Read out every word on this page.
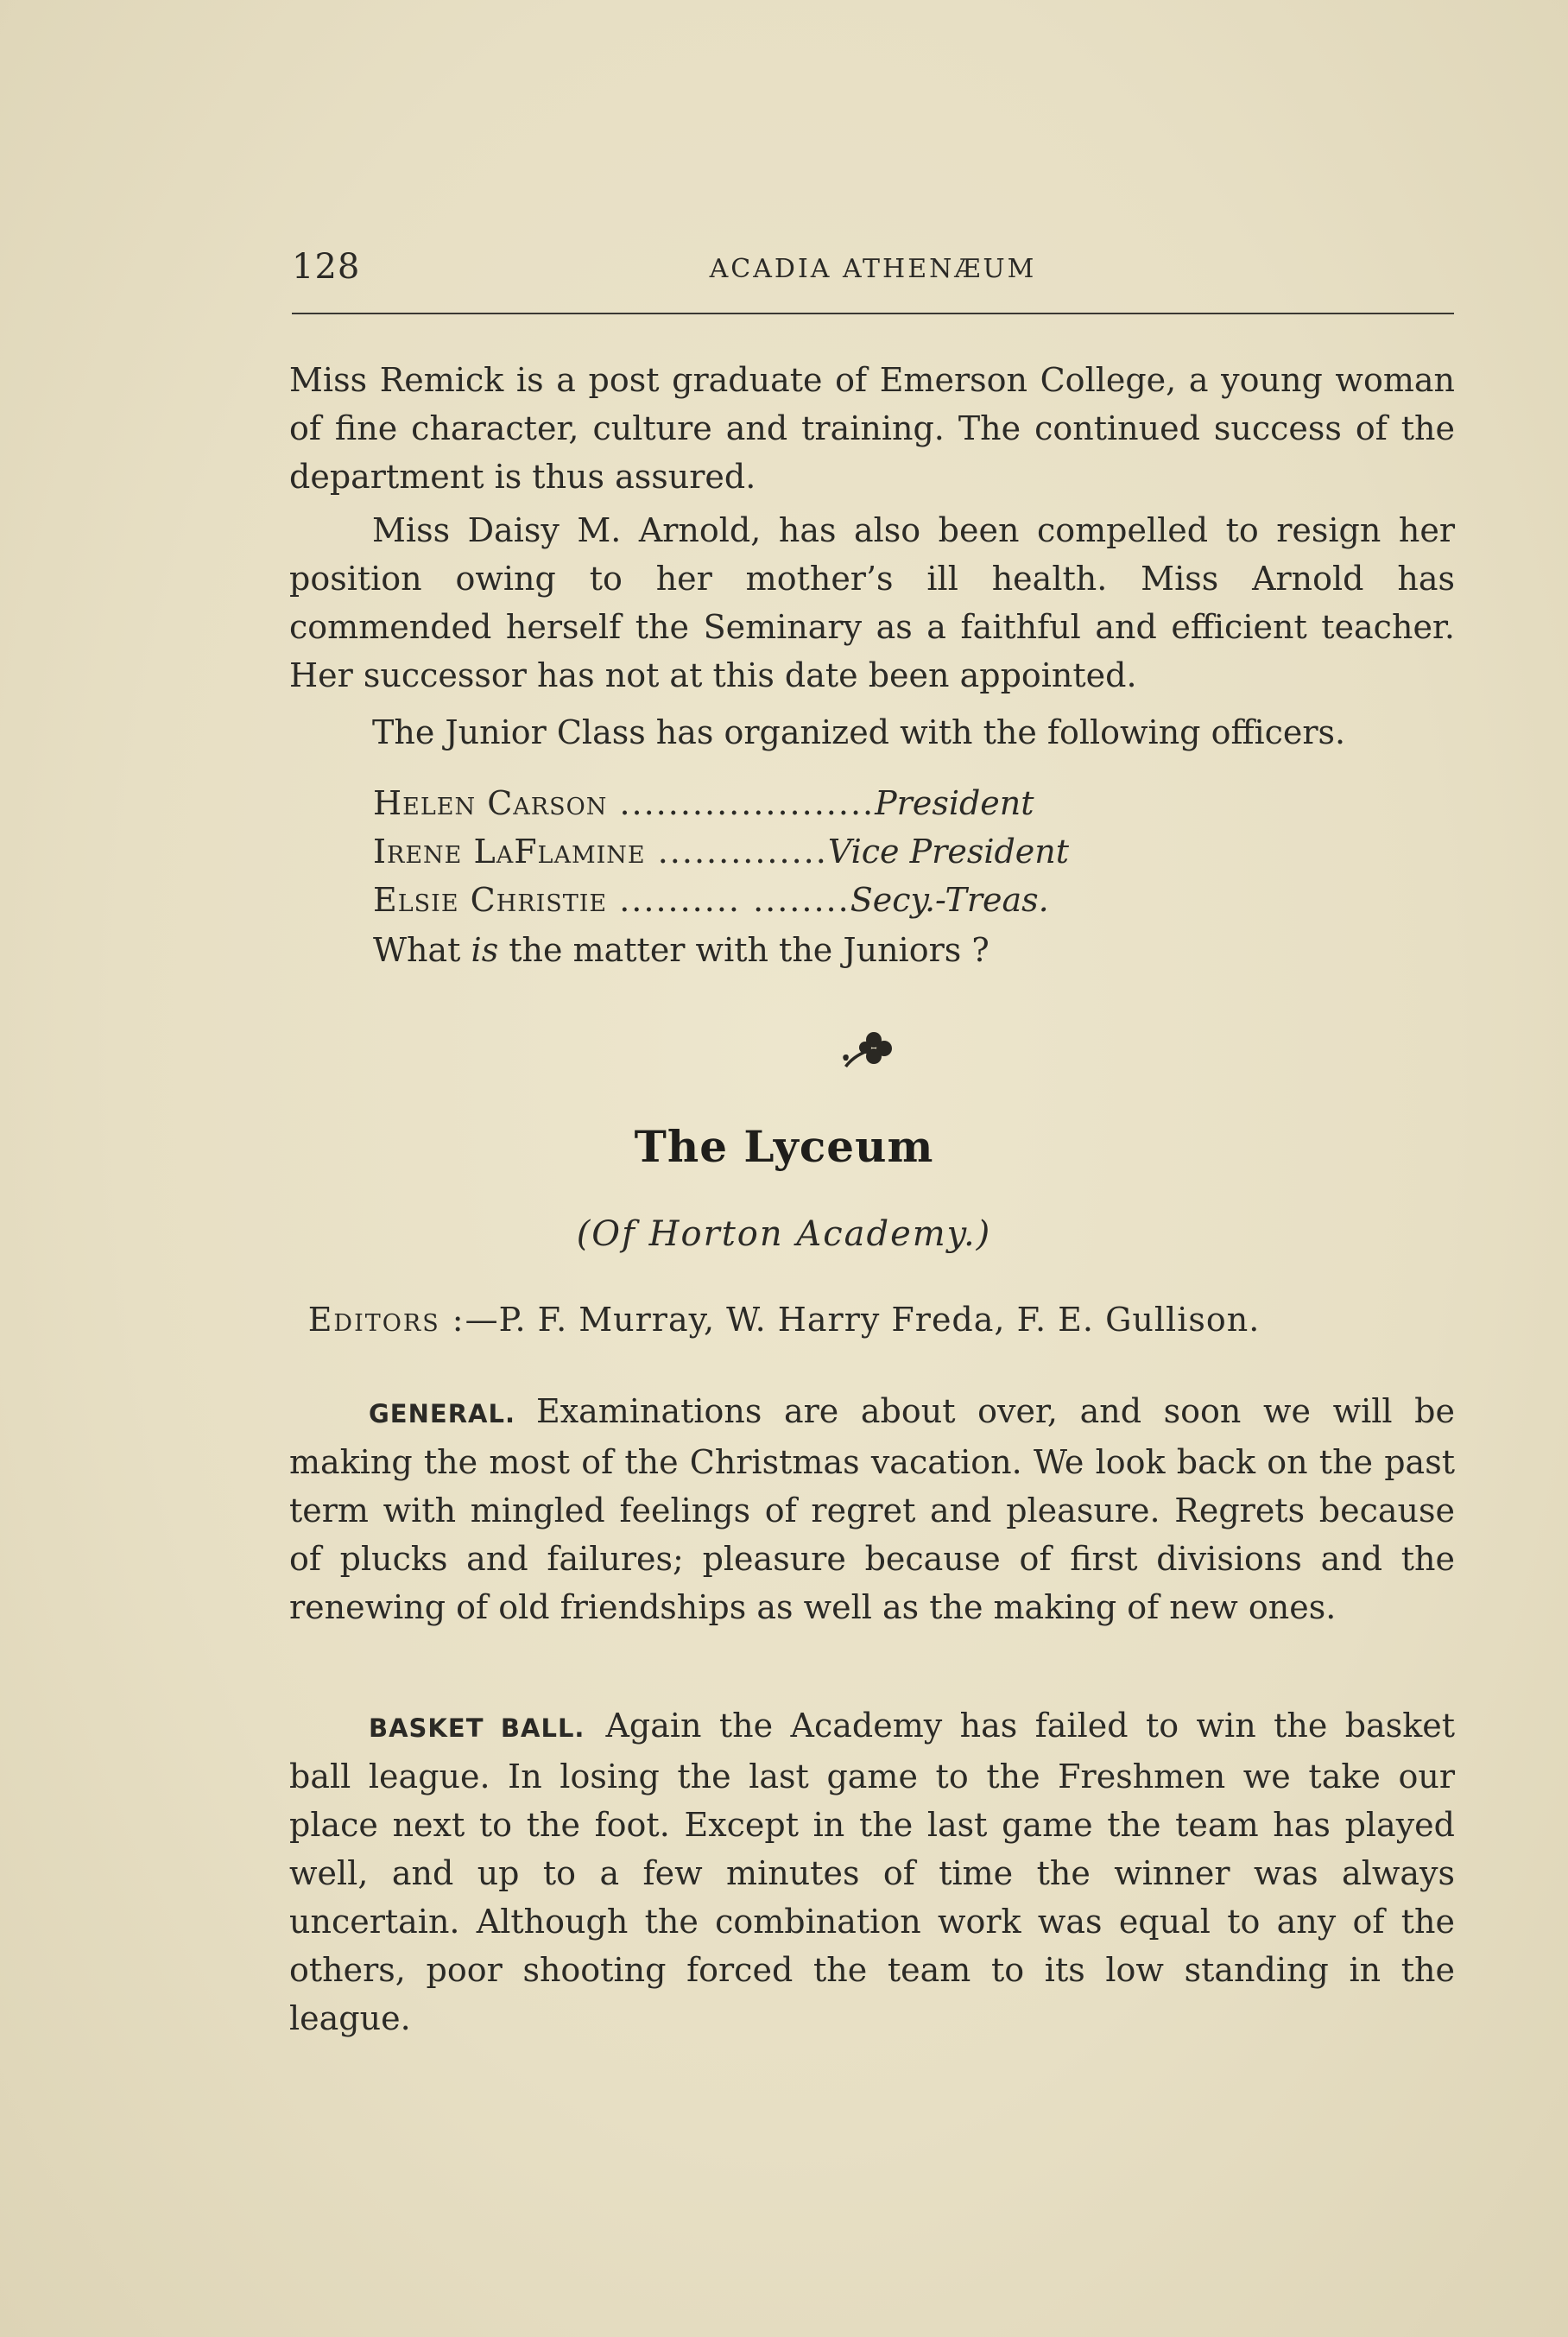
128	ACADIA ATHENÆUM

Miss Remick is a post graduate of Emerson College, a young woman of fine character, culture and training. The continued success of the department is thus assured.

Miss Daisy M. Arnold, has also been compelled to resign her position owing to her mother’s ill health. Miss Arnold has commended herself the Seminary as a faithful and efficient teacher. Her successor has not at this date been appointed.

The Junior Class has organized with the following officers.

Helen Carson .....................President
Irene LaFlamine ..............Vice President
Elsie Christie .......... ........Secy.-Treas.
What is the matter with the Juniors ?
The Lyceum
(Of Horton Academy.)
Editors :—P. F. Murray, W. Harry Freda, F. E. Gullison.

GENERAL. Examinations are about over, and soon we will be making the most of the Christmas vacation. We look back on the past term with mingled feelings of regret and pleasure. Regrets because of plucks and failures; pleasure because of first divisions and the renewing of old friendships as well as the making of new ones.

BASKET BALL. Again the Academy has failed to win the basket ball league. In losing the last game to the Freshmen we take our place next to the foot. Except in the last game the team has played well, and up to a few minutes of time the winner was always uncertain. Although the combination work was equal to any of the others, poor shooting forced the team to its low standing in the league.
